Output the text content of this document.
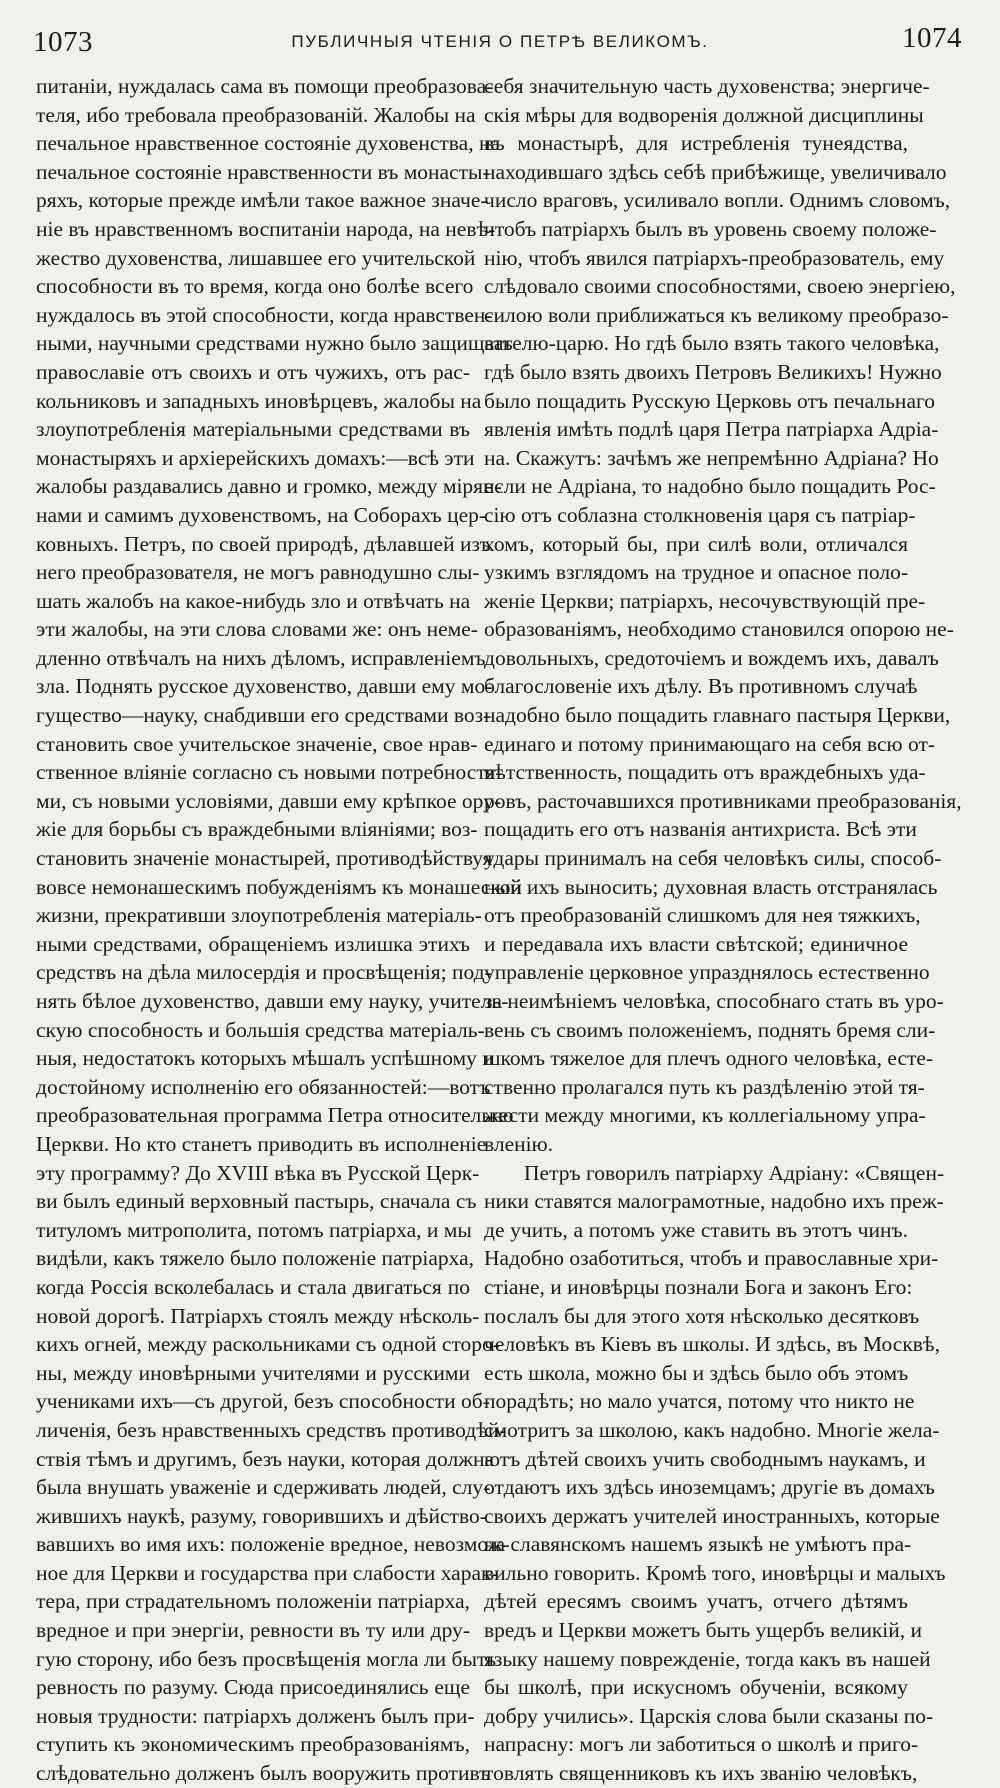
1073	ПУБЛИЧНЫЯ ЧТЕНІЯ О ПЕТРѢ ВЕЛИКОМЪ.	1074
питаніи, нуждалась сама въ помощи преобразова-
теля, ибо требовала преобразованій. Жалобы на
печальное нравственное состояніе духовенства, на
печальное состояніе нравственности въ монасты-
ряхъ, которые прежде имѣли такое важное значе-
ніе въ нравственномъ воспитаніи народа, на невѣ-
жество духовенства, лишавшее его учительской
способности въ то время, когда оно болѣе всего
нуждалось въ этой способности, когда нравствен-
ными, научными средствами нужно было защищать
православіе отъ своихъ и отъ чужихъ, отъ рас-
кольниковъ и западныхъ иновѣрцевъ, жалобы на
злоупотребленія матеріальными средствами въ
монастыряхъ и архіерейскихъ домахъ:—всѣ эти
жалобы раздавались давно и громко, между мірян-
нами и самимъ духовенствомъ, на Соборахъ цер-
ковныхъ. Петръ, по своей природѣ, дѣлавшей изъ
него преобразователя, не могъ равнодушно слы-
шать жалобъ на какое-нибудь зло и отвѣчать на
эти жалобы, на эти слова словами же: онъ неме-
дленно отвѣчалъ на нихъ дѣломъ, исправленіемъ
зла. Поднять русское духовенство, давши ему мо-
гущество—науку, снабдивши его средствами воз-
становить свое учительское значеніе, свое нрав-
ственное вліяніе согласно съ новыми потребностя-
ми, съ новыми условіями, давши ему крѣпкое ору-
жіе для борьбы съ враждебными вліяніями; воз-
становить значеніе монастырей, противодѣйствуя
вовсе немонашескимъ побужденіямъ къ монашеской
жизни, прекративши злоупотребленія матеріаль-
ными средствами, обращеніемъ излишка этихъ
средствъ на дѣла милосердія и просвѣщенія; под-
нять бѣлое духовенство, давши ему науку, учитель-
скую способность и большія средства матеріаль-
ныя, недостатокъ которыхъ мѣшалъ успѣшному и
достойному исполненію его обязанностей:—вотъ
преобразовательная программа Петра относительно
Церкви. Но кто станетъ приводить въ исполненіе
эту программу? До XVIII вѣка въ Русской Церк-
ви былъ единый верховный пастырь, сначала съ
титуломъ митрополита, потомъ патріарха, и мы
видѣли, какъ тяжело было положеніе патріарха,
когда Россія всколебалась и стала двигаться по
новой дорогѣ. Патріархъ стоялъ между нѣсколь-
кихъ огней, между раскольниками съ одной сторо-
ны, между иновѣрными учителями и русскими
учениками ихъ—съ другой, безъ способности об-
личенія, безъ нравственныхъ средствъ противодѣй-
ствія тѣмъ и другимъ, безъ науки, которая должна
была внушать уваженіе и сдерживать людей, слу-
жившихъ наукѣ, разуму, говорившихъ и дѣйство-
вавшихъ во имя ихъ: положеніе вредное, невозмож-
ное для Церкви и государства при слабости харак-
тера, при страдательномъ положеніи патріарха,
вредное и при энергіи, ревности въ ту или дру-
гую сторону, ибо безъ просвѣщенія могла ли быть
ревность по разуму. Сюда присоединялись еще
новыя трудности: патріархъ долженъ былъ при-
ступить къ экономическимъ преобразованіямъ,
слѣдовательно долженъ былъ вооружить противъ
себя значительную часть духовенства; энергиче-
скія мѣры для водворенія должной дисциплины
въ монастырѣ, для истребленія тунеядства,
находившаго здѣсь себѣ прибѣжище, увеличивало
число враговъ, усиливало вопли. Однимъ словомъ,
чтобъ патріархъ былъ въ уровень своему положе-
нію, чтобъ явился патріархъ-преобразователь, ему
слѣдовало своими способностями, своею энергіею,
силою воли приближаться къ великому преобразо-
вателю-царю. Но гдѣ было взять такого человѣка,
гдѣ было взять двоихъ Петровъ Великихъ! Нужно
было пощадить Русскую Церковь отъ печальнаго
явленія имѣть подлѣ царя Петра патріарха Адріа-
на. Скажутъ: зачѣмъ же непремѣнно Адріана? Но
если не Адріана, то надобно было пощадить Рос-
сію отъ соблазна столкновенія царя съ патріар-
хомъ, который бы, при силѣ воли, отличался
узкимъ взглядомъ на трудное и опасное поло-
женіе Церкви; патріархъ, несочувствующій пре-
образованіямъ, необходимо становился опорою не-
довольныхъ, средоточіемъ и вождемъ ихъ, давалъ
благословеніе ихъ дѣлу. Въ противномъ случаѣ
надобно было пощадить главнаго пастыря Церкви,
единаго и потому принимающаго на себя всю от-
вѣтственность, пощадить отъ враждебныхъ уда-
ровъ, расточавшихся противниками преобразованія,
пощадить его отъ названія антихриста. Всѣ эти
удары принималъ на себя человѣкъ силы, способ-
ный ихъ выносить; духовная власть отстранялась
отъ преобразованій слишкомъ для нея тяжкихъ,
и передавала ихъ власти свѣтской; единичное
управленіе церковное упразднялось естественно
за неимѣніемъ человѣка, способнаго стать въ уро-
вень съ своимъ положеніемъ, поднять бремя сли-
шкомъ тяжелое для плечъ одного человѣка, есте-
ственно пролагался путь къ раздѣленію этой тя-
жести между многими, къ коллегіальному упра-
вленію.
Петръ говорилъ патріарху Адріану: «Священ-
ники ставятся малограмотные, надобно ихъ преж-
де учить, а потомъ уже ставить въ этотъ чинъ.
Надобно озаботиться, чтобъ и православные хри-
стіане, и иновѣрцы познали Бога и законъ Его:
послалъ бы для этого хотя нѣсколько десятковъ
человѣкъ въ Кіевъ въ школы. И здѣсь, въ Москвѣ,
есть школа, можно бы и здѣсь было объ этомъ
порадѣть; но мало учатся, потому что никто не
смотритъ за школою, какъ надобно. Многіе жела-
ютъ дѣтей своихъ учить свободнымъ наукамъ, и
отдаютъ ихъ здѣсь иноземцамъ; другіе въ домахъ
своихъ держатъ учителей иностранныхъ, которые
на славянскомъ нашемъ языкѣ не умѣютъ пра-
вильно говорить. Кромѣ того, иновѣрцы и малыхъ
дѣтей ересямъ своимъ учатъ, отчего дѣтямъ
вредъ и Церкви можетъ быть ущербъ великій, и
языку нашему поврежденіе, тогда какъ въ нашей
бы школѣ, при искусномъ обученіи, всякому
добру учились». Царскія слова были сказаны по-
напрасну: могъ ли заботиться о школѣ и приго-
товлять священниковъ къ ихъ званію человѣкъ,
